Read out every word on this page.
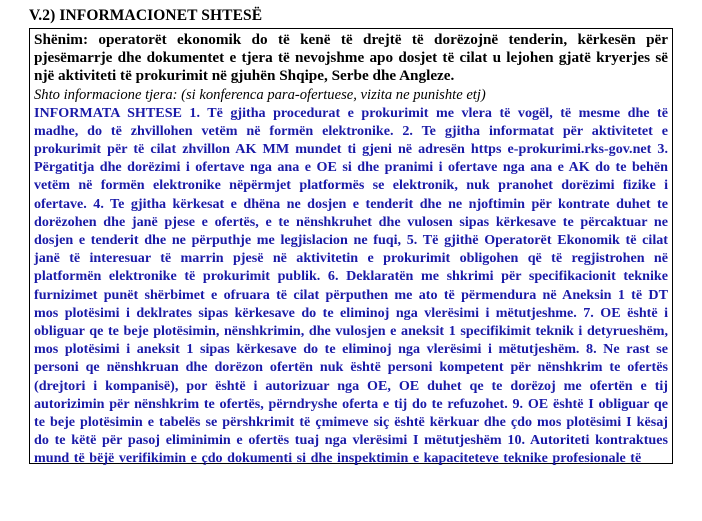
V.2) INFORMACIONET SHTESË

Shënim: operatorët ekonomik do të kenë të drejtë të dorëzojnë tenderin, kërkesën për pjesëmarrje dhe dokumentet e tjera të nevojshme apo dosjet të cilat u lejohen gjatë kryerjes së një aktiviteti të prokurimit në gjuhën Shqipe, Serbe dhe Angleze.

Shto informacione tjera: (si konferenca para-ofertuese, vizita ne punishte etj)

INFORMATA SHTESE 1. Të gjitha procedurat e prokurimit me vlera të vogël, të mesme dhe të madhe, do të zhvillohen vetëm në formën elektronike. 2. Te gjitha informatat për aktivitetet e prokurimit për të cilat zhvillon AK MM mundet ti gjeni në adresën https e-prokurimi.rks-gov.net 3. Përgatitja dhe dorëzimi i ofertave nga ana e OE si dhe pranimi i ofertave nga ana e AK do te behën vetëm në formën elektronike nëpërmjet platformës se elektronik, nuk pranohet dorëzimi fizike i ofertave. 4. Te gjitha kërkesat e dhëna ne dosjen e tenderit dhe ne njoftimin për kontrate duhet te dorëzohen dhe janë pjese e ofertës, e te nënshkruhet dhe vulosen sipas kërkesave te përcaktuar ne dosjen e tenderit dhe ne përputhje me legjislacion ne fuqi, 5. Të gjithë Operatorët Ekonomik të cilat janë të interesuar të marrin pjesë në aktivitetin e prokurimit obligohen që të regjistrohen në platformën elektronike të prokurimit publik. 6. Deklaratën me shkrimi për specifikacionit teknike furnizimet punët shërbimet e ofruara të cilat përputhen me ato të përmendura në Aneksin 1 të DT mos plotësimi i deklrates sipas kërkesave do te eliminoj nga vlerësimi i mëtutjeshme. 7. OE është i obliguar qe te beje plotësimin, nënshkrimin, dhe vulosjen e aneksit 1 specifikimit teknik i detyrueshëm, mos plotësimi i aneksit 1 sipas kërkesave do te eliminoj nga vlerësimi i mëtutjeshëm. 8. Ne rast se personi qe nënshkruan dhe dorëzon ofertën nuk është personi kompetent për nënshkrim te ofertës (drejtori i kompanisë), por është i autorizuar nga OE, OE duhet qe te dorëzoj me ofertën e tij autorizimin për nënshkrim te ofertës, përndryshe oferta e tij do te refuzohet. 9. OE është I obliguar qe te beje plotësimin e tabelës se përshkrimit të çmimeve siç është kërkuar dhe çdo mos plotësimi I kësaj do te këtë për pasoj eliminimin e ofertës tuaj nga vlerësimi I mëtutjeshëm 10. Autoriteti kontraktues mund të bëjë verifikimin e çdo dokumenti si dhe inspektimin e kapaciteteve teknike profesionale të
